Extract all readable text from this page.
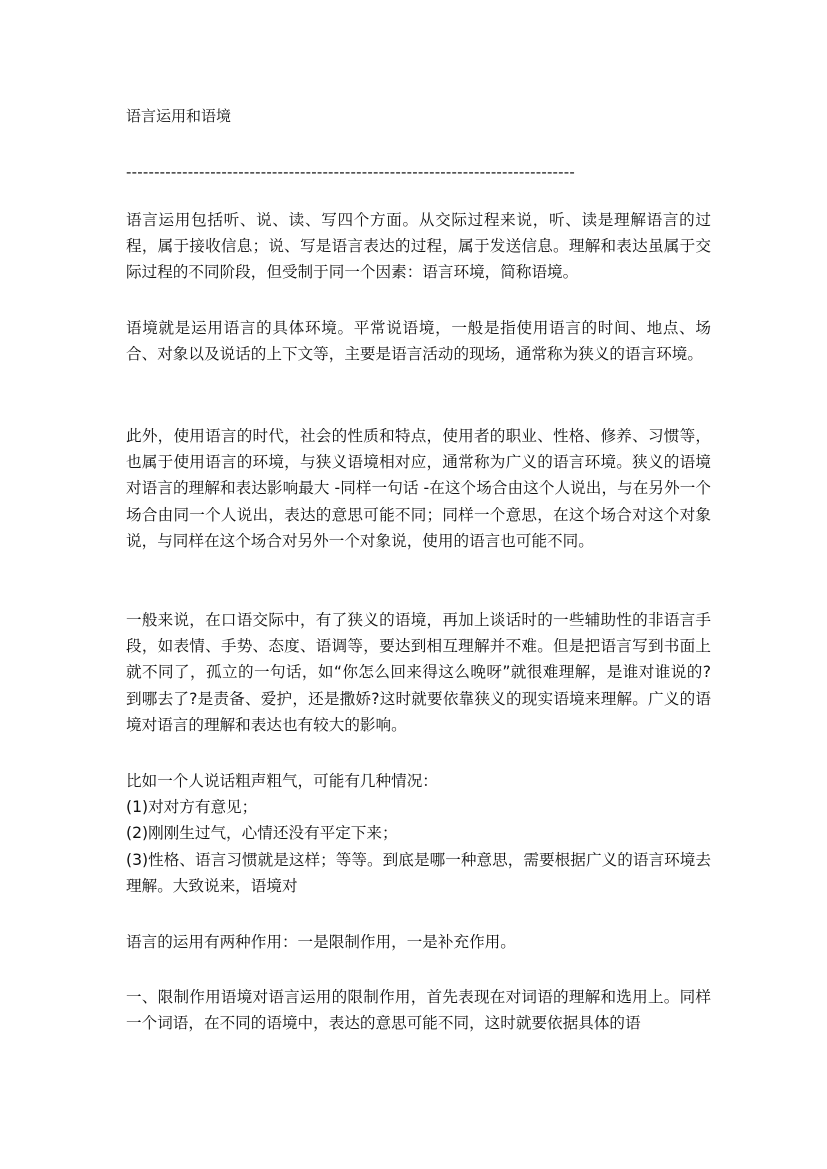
语言运用和语境
--------------------------------------------------------------------------------
语言运用包括听、说、读、写四个方面。从交际过程来说，听、读是理解语言的过程，属于接收信息；说、写是语言表达的过程，属于发送信息。理解和表达虽属于交际过程的不同阶段，但受制于同一个因素：语言环境，简称语境。
语境就是运用语言的具体环境。平常说语境，一般是指使用语言的时间、地点、场合、对象以及说话的上下文等，主要是语言活动的现场，通常称为狭义的语言环境。
此外，使用语言的时代，社会的性质和特点，使用者的职业、性格、修养、习惯等，也属于使用语言的环境，与狭义语境相对应，通常称为广义的语言环境。狭义的语境对语言的理解和表达影响最大 -同样一句话 -在这个场合由这个人说出，与在另外一个场合由同一个人说出，表达的意思可能不同；同样一个意思，在这个场合对这个对象说，与同样在这个场合对另外一个对象说，使用的语言也可能不同。
一般来说，在口语交际中，有了狭义的语境，再加上谈话时的一些辅助性的非语言手段，如表情、手势、态度、语调等，要达到相互理解并不难。但是把语言写到书面上就不同了，孤立的一句话，如“你怎么回来得这么晚呀”就很难理解，是谁对谁说的?到哪去了?是责备、爱护，还是撒娇?这时就要依靠狭义的现实语境来理解。广义的语境对语言的理解和表达也有较大的影响。
比如一个人说话粗声粗气，可能有几种情况：
(1)对对方有意见；
(2)刚刚生过气，心情还没有平定下来；
(3)性格、语言习惯就是这样；等等。到底是哪一种意思，需要根据广义的语言环境去理解。大致说来，语境对
语言的运用有两种作用：一是限制作用，一是补充作用。
一、限制作用语境对语言运用的限制作用，首先表现在对词语的理解和选用上。同样一个词语，在不同的语境中，表达的意思可能不同，这时就要依据具体的语
